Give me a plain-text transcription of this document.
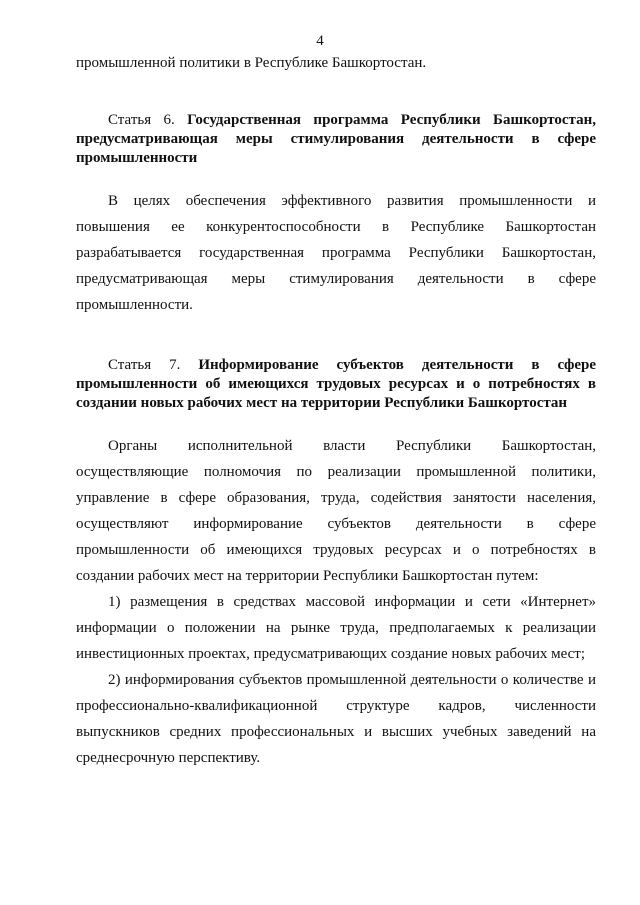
4

промышленной политики в Республике Башкортостан.

Статья 6. Государственная программа Республики Башкортостан, предусматривающая меры стимулирования деятельности в сфере промышленности

В целях обеспечения эффективного развития промышленности и повышения ее конкурентоспособности в Республике Башкортостан разрабатывается государственная программа Республики Башкортостан, предусматривающая меры стимулирования деятельности в сфере промышленности.

Статья 7. Информирование субъектов деятельности в сфере промышленности об имеющихся трудовых ресурсах и о потребностях в создании новых рабочих мест на территории Республики Башкортостан

Органы исполнительной власти Республики Башкортостан, осуществляющие полномочия по реализации промышленной политики, управление в сфере образования, труда, содействия занятости населения, осуществляют информирование субъектов деятельности в сфере промышленности об имеющихся трудовых ресурсах и о потребностях в создании рабочих мест на территории Республики Башкортостан путем:

1) размещения в средствах массовой информации и сети «Интернет» информации о положении на рынке труда, предполагаемых к реализации инвестиционных проектах, предусматривающих создание новых рабочих мест;

2) информирования субъектов промышленной деятельности о количестве и профессионально-квалификационной структуре кадров, численности выпускников средних профессиональных и высших учебных заведений на среднесрочную перспективу.
